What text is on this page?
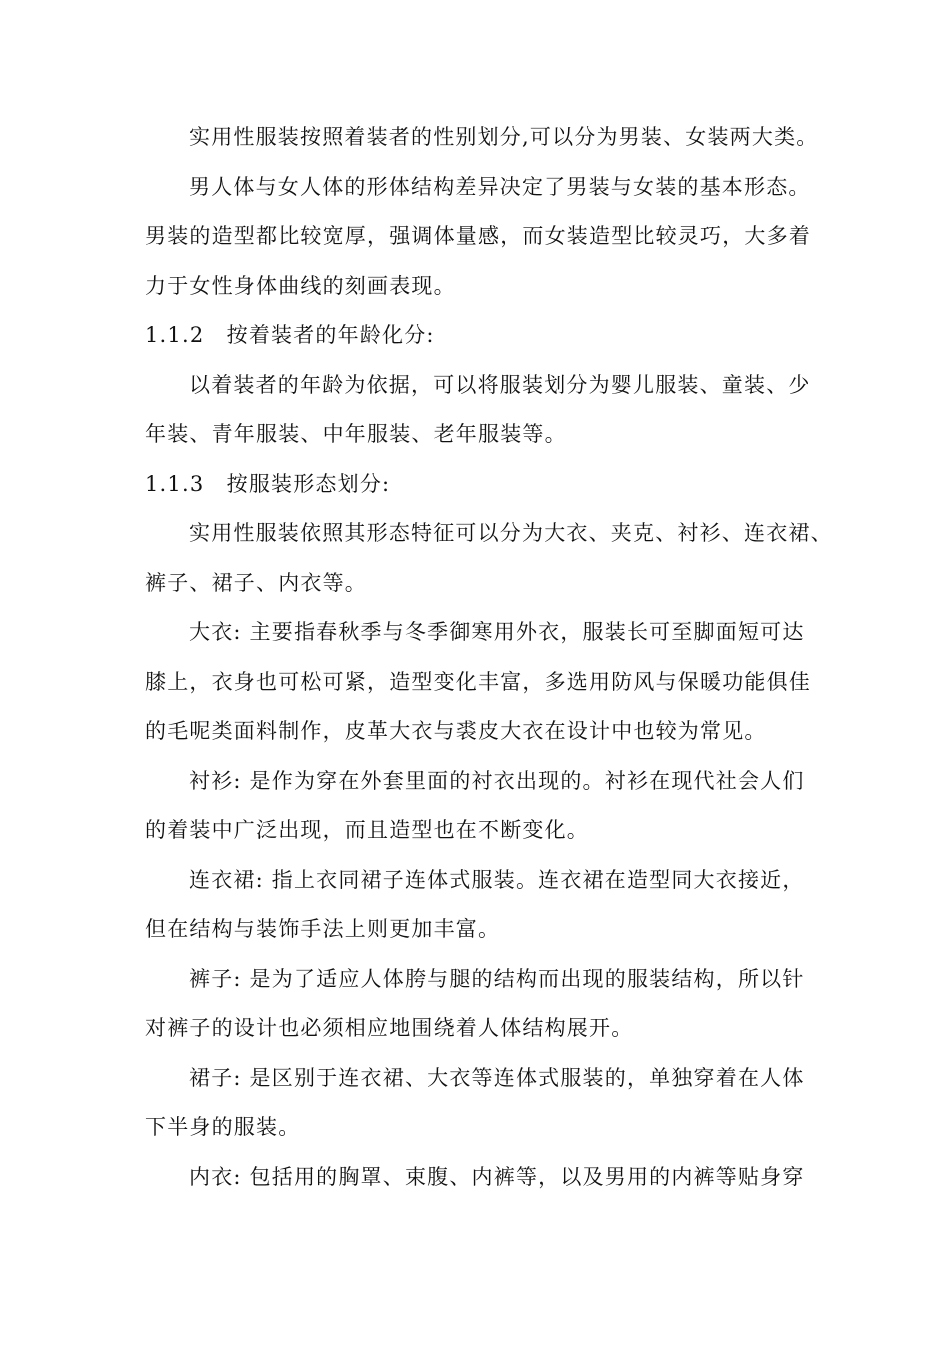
实用性服装按照着装者的性别划分,可以分为男装、女装两大类。
男人体与女人体的形体结构差异决定了男装与女装的基本形态。
男装的造型都比较宽厚，强调体量感，而女装造型比较灵巧，大多着
力于女性身体曲线的刻画表现。
1.1.2　按着装者的年龄化分:
以着装者的年龄为依据，可以将服装划分为婴儿服装、童装、少
年装、青年服装、中年服装、老年服装等。
1.1.3　按服装形态划分:
实用性服装依照其形态特征可以分为大衣、夹克、衬衫、连衣裙、
裤子、裙子、内衣等。
大衣: 主要指春秋季与冬季御寒用外衣，服装长可至脚面短可达
膝上，衣身也可松可紧，造型变化丰富，多选用防风与保暖功能俱佳
的毛呢类面料制作，皮革大衣与裘皮大衣在设计中也较为常见。
衬衫: 是作为穿在外套里面的衬衣出现的。衬衫在现代社会人们
的着装中广泛出现，而且造型也在不断变化。
连衣裙: 指上衣同裙子连体式服装。连衣裙在造型同大衣接近，
但在结构与装饰手法上则更加丰富。
裤子: 是为了适应人体胯与腿的结构而出现的服装结构，所以针
对裤子的设计也必须相应地围绕着人体结构展开。
裙子: 是区别于连衣裙、大衣等连体式服装的，单独穿着在人体
下半身的服装。
内衣: 包括用的胸罩、束腹、内裤等，以及男用的内裤等贴身穿
